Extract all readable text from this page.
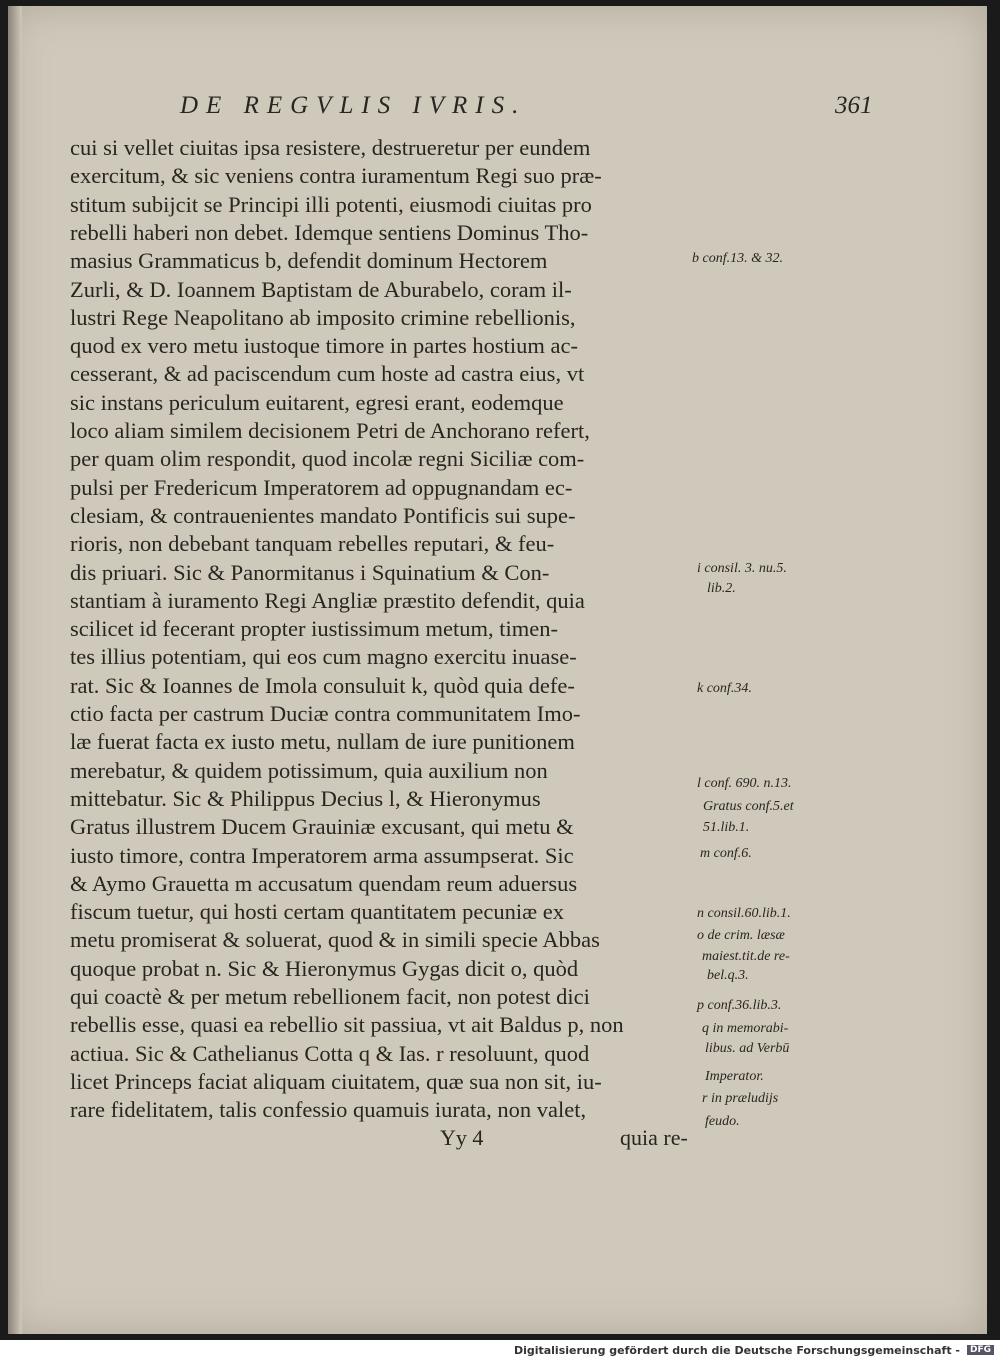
DE REGVLIS IVRIS.	361
cui si vellet ciuitas ipsa resistere, destrueretur per eundem
exercitum, & sic veniens contra iuramentum Regi suo præ-
stitum subijcit se Principi illi potenti, eiusmodi ciuitas pro
rebelli haberi non debet. Idemque sentiens Dominus Tho-
masius Grammaticus b, defendit dominum Hectorem
Zurli, & D. Ioannem Baptistam de Aburabelo, coram il-
lustri Rege Neapolitano ab imposito crimine rebellionis,
quod ex vero metu iustoque timore in partes hostium ac-
cesserant, & ad paciscendum cum hoste ad castra eius, vt
sic instans periculum euitarent, egresi erant, eodemque
loco aliam similem decisionem Petri de Anchorano refert,
per quam olim respondit, quod incolæ regni Siciliæ com-
pulsi per Fredericum Imperatorem ad oppugnandam ec-
clesiam, & contrauenientes mandato Pontificis sui supe-
rioris, non debebant tanquam rebelles reputari, & feu-
dis priuari. Sic & Panormitanus i Squinatium & Con-
stantiam à iuramento Regi Angliæ præstito defendit, quia
scilicet id fecerant propter iustissimum metum, timen-
tes illius potentiam, qui eos cum magno exercitu inuase-
rat. Sic & Ioannes de Imola consuluit k, quòd quia defe-
ctio facta per castrum Duciæ contra communitatem Imo-
læ fuerat facta ex iusto metu, nullam de iure punitionem
merebatur, & quidem potissimum, quia auxilium non
mittebatur. Sic & Philippus Decius l, & Hieronymus
Gratus illustrem Ducem Grauiniæ excusant, qui metu &
iusto timore, contra Imperatorem arma assumpserat. Sic
& Aymo Grauetta m accusatum quendam reum aduersus
fiscum tuetur, qui hosti certam quantitatem pecuniæ ex
metu promiserat & soluerat, quod & in simili specie Abbas
quoque probat n. Sic & Hieronymus Gygas dicit o, quòd
qui coactè & per metum rebellionem facit, non potest dici
rebellis esse, quasi ea rebellio sit passiua, vt ait Baldus p, non
actiua. Sic & Cathelianus Cotta q & Ias. r resoluunt, quod
licet Princeps faciat aliquam ciuitatem, quæ sua non sit, iu-
rare fidelitatem, talis confessio quamuis iurata, non valet,
b conf.13. & 32.
i consil. 3. nu.5.
lib.2.
k conf.34.
l conf. 690. n.13.
Gratus conf.5.et
51.lib.1.
m conf.6.
n consil.60.lib.1.
o de crim. læsæ
maiest.tit.de re-
bel.q.3.
p conf.36.lib.3.
q in memorabi-
libus. ad Verbū
Imperator.
r in præludijs
feudo.
Yy 4	quia re-
Digitalisierung gefördert durch die Deutsche Forschungsgemeinschaft -	DFG
